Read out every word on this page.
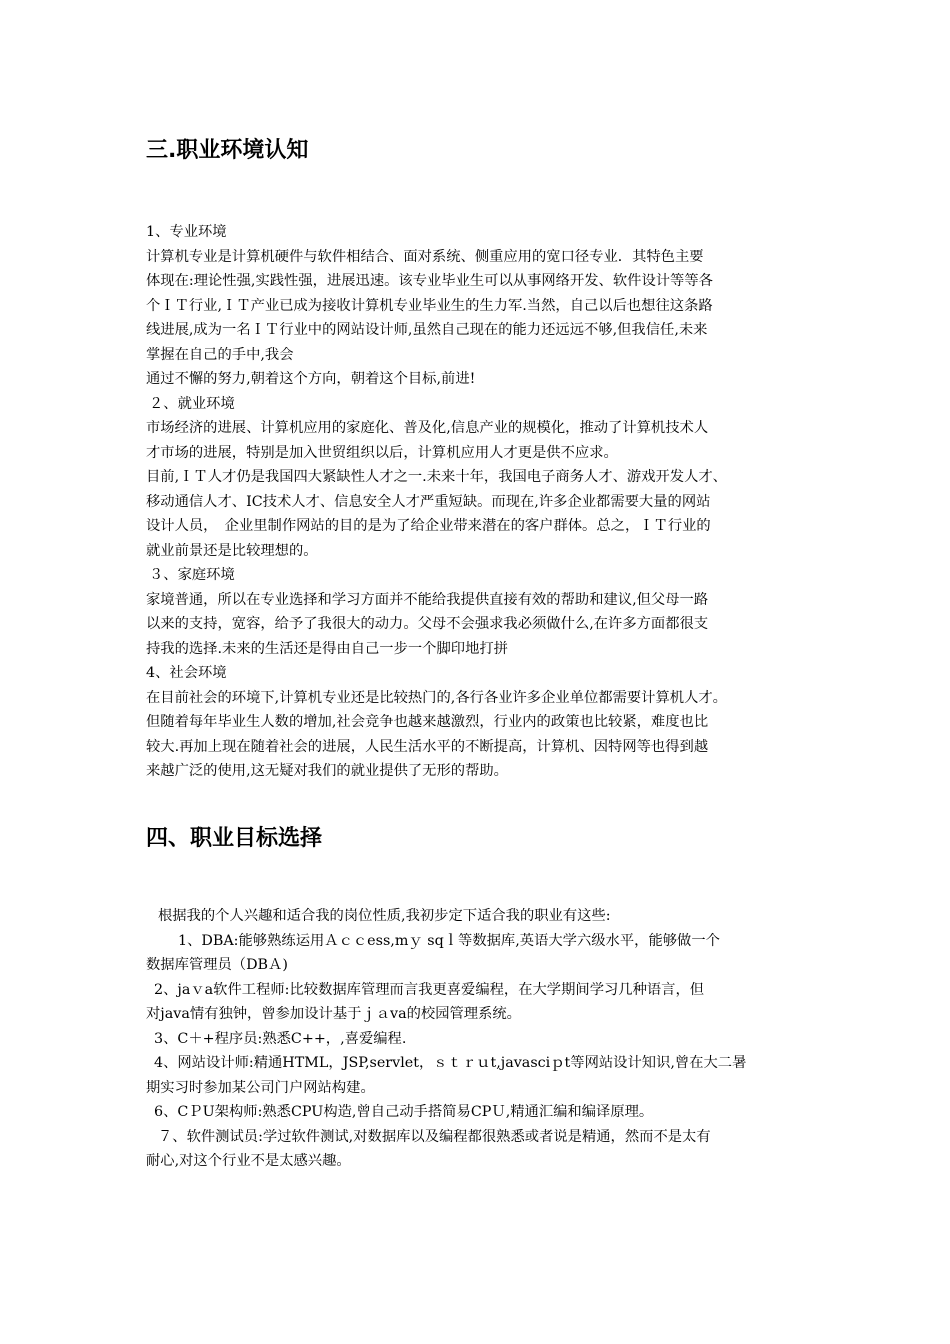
三.职业环境认知
1、专业环境
计算机专业是计算机硬件与软件相结合、面对系统、侧重应用的宽口径专业．其特色主要
体现在:理论性强,实践性强，进展迅速。该专业毕业生可以从事网络开发、软件设计等等各
个ＩＴ行业,ＩＴ产业已成为接收计算机专业毕业生的生力军.当然，自己以后也想往这条路
线进展,成为一名ＩＴ行业中的网站设计师,虽然自己现在的能力还远远不够,但我信任,未来
掌握在自己的手中,我会
通过不懈的努力,朝着这个方向，朝着这个目标,前进!
２、就业环境
市场经济的进展、计算机应用的家庭化、普及化,信息产业的规模化，推动了计算机技术人
才市场的进展，特别是加入世贸组织以后，计算机应用人才更是供不应求。
目前,ＩＴ人才仍是我国四大紧缺性人才之一.未来十年，我国电子商务人才、游戏开发人才、
移动通信人才、IC技术人才、信息安全人才严重短缺。而现在,许多企业都需要大量的网站
设计人员，　企业里制作网站的目的是为了给企业带来潜在的客户群体。总之，ＩＴ行业的
就业前景还是比较理想的。
３、家庭环境
家境普通，所以在专业选择和学习方面并不能给我提供直接有效的帮助和建议,但父母一路
以来的支持，宽容，给予了我很大的动力。父母不会强求我必须做什么,在许多方面都很支
持我的选择.未来的生活还是得由自己一步一个脚印地打拼
4、社会环境
在目前社会的环境下,计算机专业还是比较热门的,各行各业许多企业单位都需要计算机人才。
但随着每年毕业生人数的增加,社会竞争也越来越激烈，行业内的政策也比较紧，难度也比
较大.再加上现在随着社会的进展，人民生活水平的不断提高，计算机、因特网等也得到越
来越广泛的使用,这无疑对我们的就业提供了无形的帮助。
四、职业目标选择
根据我的个人兴趣和适合我的岗位性质,我初步定下适合我的职业有这些:
1、DBA:能够熟练运用Ａｃｃess,mｙ sqｌ等数据库,英语大学六级水平，能够做一个
数据库管理员（DBＡ)
2、jaｖa软件工程师:比较数据库管理而言我更喜爱编程，在大学期间学习几种语言，但
对java情有独钟，曾参加设计基于ｊａva的校园管理系统。
3、C＋+程序员:熟悉C++，,喜爱编程.
4、网站设计师:精通HTML，JSP,servlet，ｓｔｒｕt,javasciｐt等网站设计知识,曾在大二暑
期实习时参加某公司门户网站构建。
6、CＰU架构师:熟悉CPU构造,曾自己动手搭简易CPＵ,精通汇编和编译原理。
７、软件测试员:学过软件测试,对数据库以及编程都很熟悉或者说是精通，然而不是太有
耐心,对这个行业不是太感兴趣。
